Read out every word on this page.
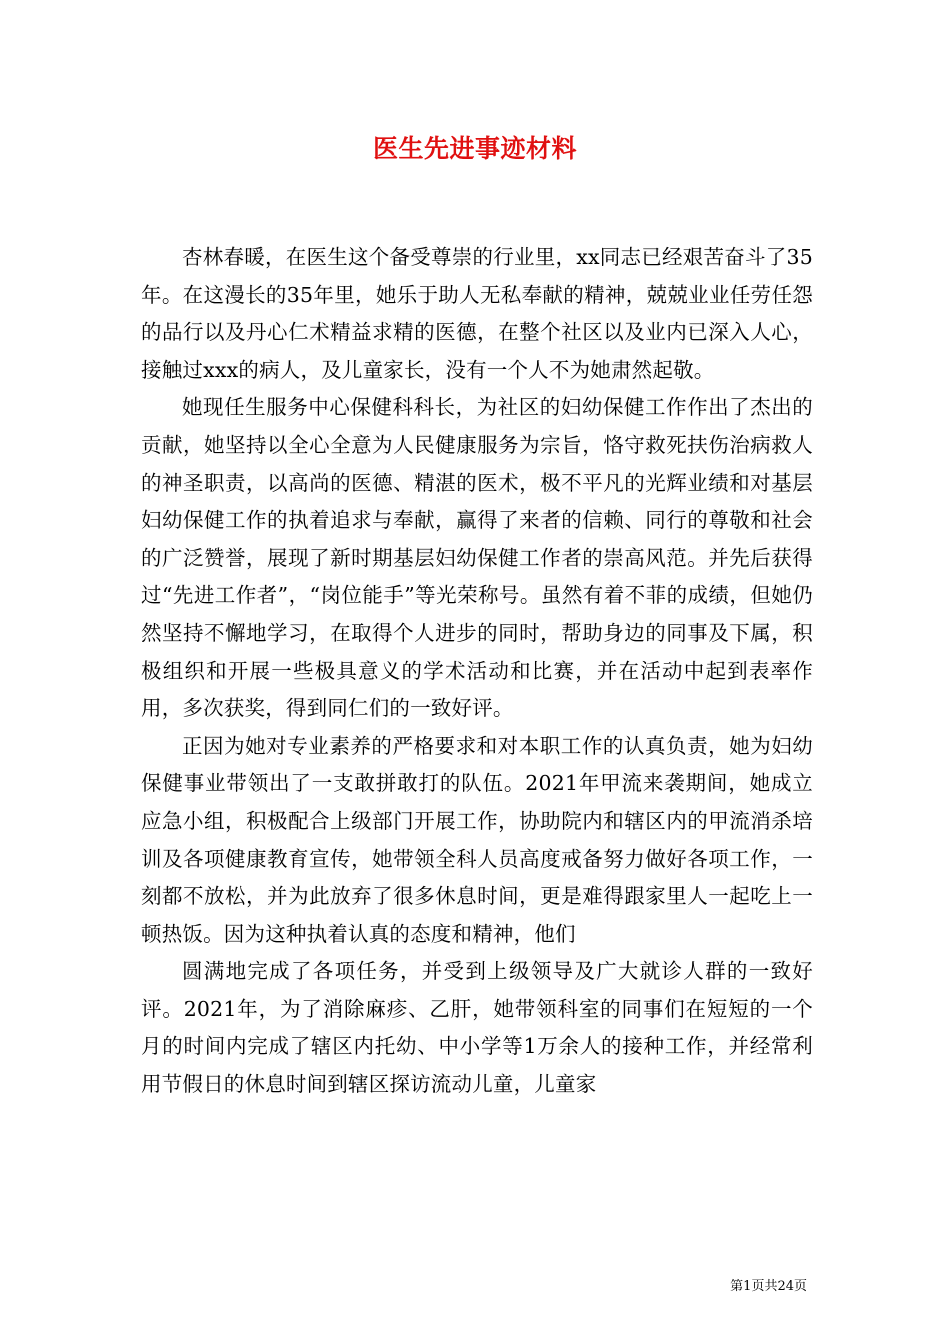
医生先进事迹材料

杏林春暖，在医生这个备受尊崇的行业里，xx同志已经艰苦奋斗了35年。在这漫长的35年里，她乐于助人无私奉献的精神，兢兢业业任劳任怨的品行以及丹心仁术精益求精的医德，在整个社区以及业内已深入人心，接触过xxx的病人，及儿童家长，没有一个人不为她肃然起敬。

她现任生服务中心保健科科长，为社区的妇幼保健工作作出了杰出的贡献，她坚持以全心全意为人民健康服务为宗旨，恪守救死扶伤治病救人的神圣职责，以高尚的医德、精湛的医术，极不平凡的光辉业绩和对基层妇幼保健工作的执着追求与奉献，赢得了来者的信赖、同行的尊敬和社会的广泛赞誉，展现了新时期基层妇幼保健工作者的崇高风范。并先后获得过“先进工作者”，“岗位能手”等光荣称号。虽然有着不菲的成绩，但她仍然坚持不懈地学习，在取得个人进步的同时，帮助身边的同事及下属，积极组织和开展一些极具意义的学术活动和比赛，并在活动中起到表率作用，多次获奖，得到同仁们的一致好评。

正因为她对专业素养的严格要求和对本职工作的认真负责，她为妇幼保健事业带领出了一支敢拼敢打的队伍。2021年甲流来袭期间，她成立应急小组，积极配合上级部门开展工作，协助院内和辖区内的甲流消杀培训及各项健康教育宣传，她带领全科人员高度戒备努力做好各项工作，一刻都不放松，并为此放弃了很多休息时间，更是难得跟家里人一起吃上一顿热饭。因为这种执着认真的态度和精神，他们

圆满地完成了各项任务，并受到上级领导及广大就诊人群的一致好评。2021年，为了消除麻疹、乙肝，她带领科室的同事们在短短的一个月的时间内完成了辖区内托幼、中小学等1万余人的接种工作，并经常利用节假日的休息时间到辖区探访流动儿童，儿童家

第1页共24页
